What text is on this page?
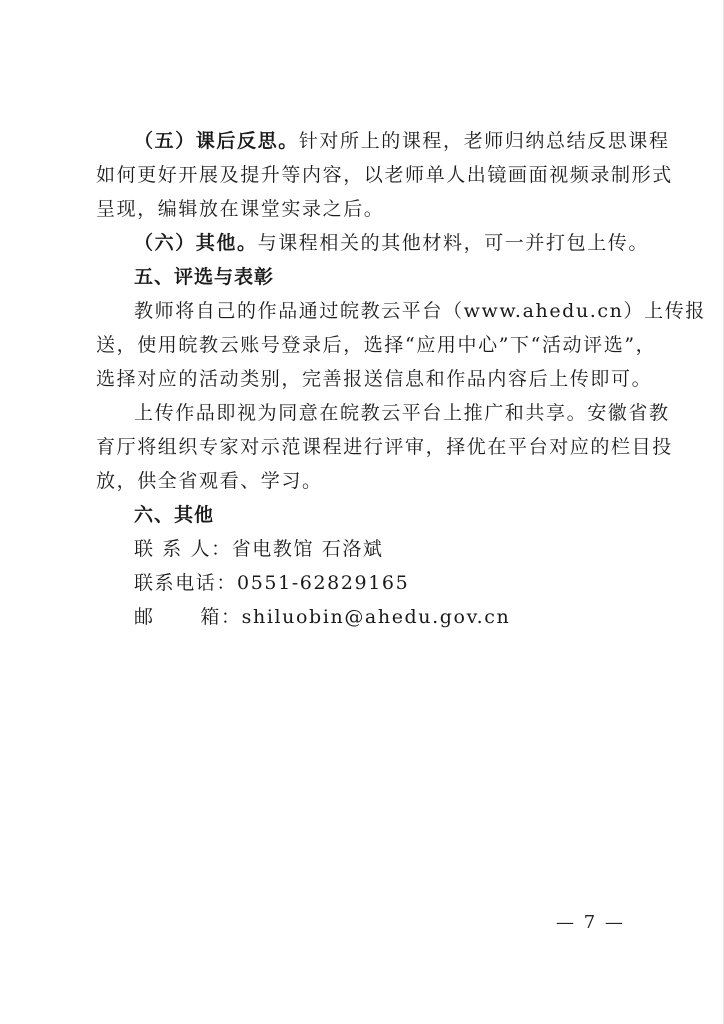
（五）课后反思。针对所上的课程，老师归纳总结反思课程
如何更好开展及提升等内容，以老师单人出镜画面视频录制形式
呈现，编辑放在课堂实录之后。
（六）其他。与课程相关的其他材料，可一并打包上传。
五、评选与表彰
教师将自己的作品通过皖教云平台（www.ahedu.cn）上传报
送，使用皖教云账号登录后，选择“应用中心”下“活动评选”，
选择对应的活动类别，完善报送信息和作品内容后上传即可。
上传作品即视为同意在皖教云平台上推广和共享。安徽省教
育厅将组织专家对示范课程进行评审，择优在平台对应的栏目投
放，供全省观看、学习。
六、其他
联 系 人：省电教馆 石洛斌
联系电话：0551-62829165
邮      箱：shiluobin@ahedu.gov.cn
— 7 —
